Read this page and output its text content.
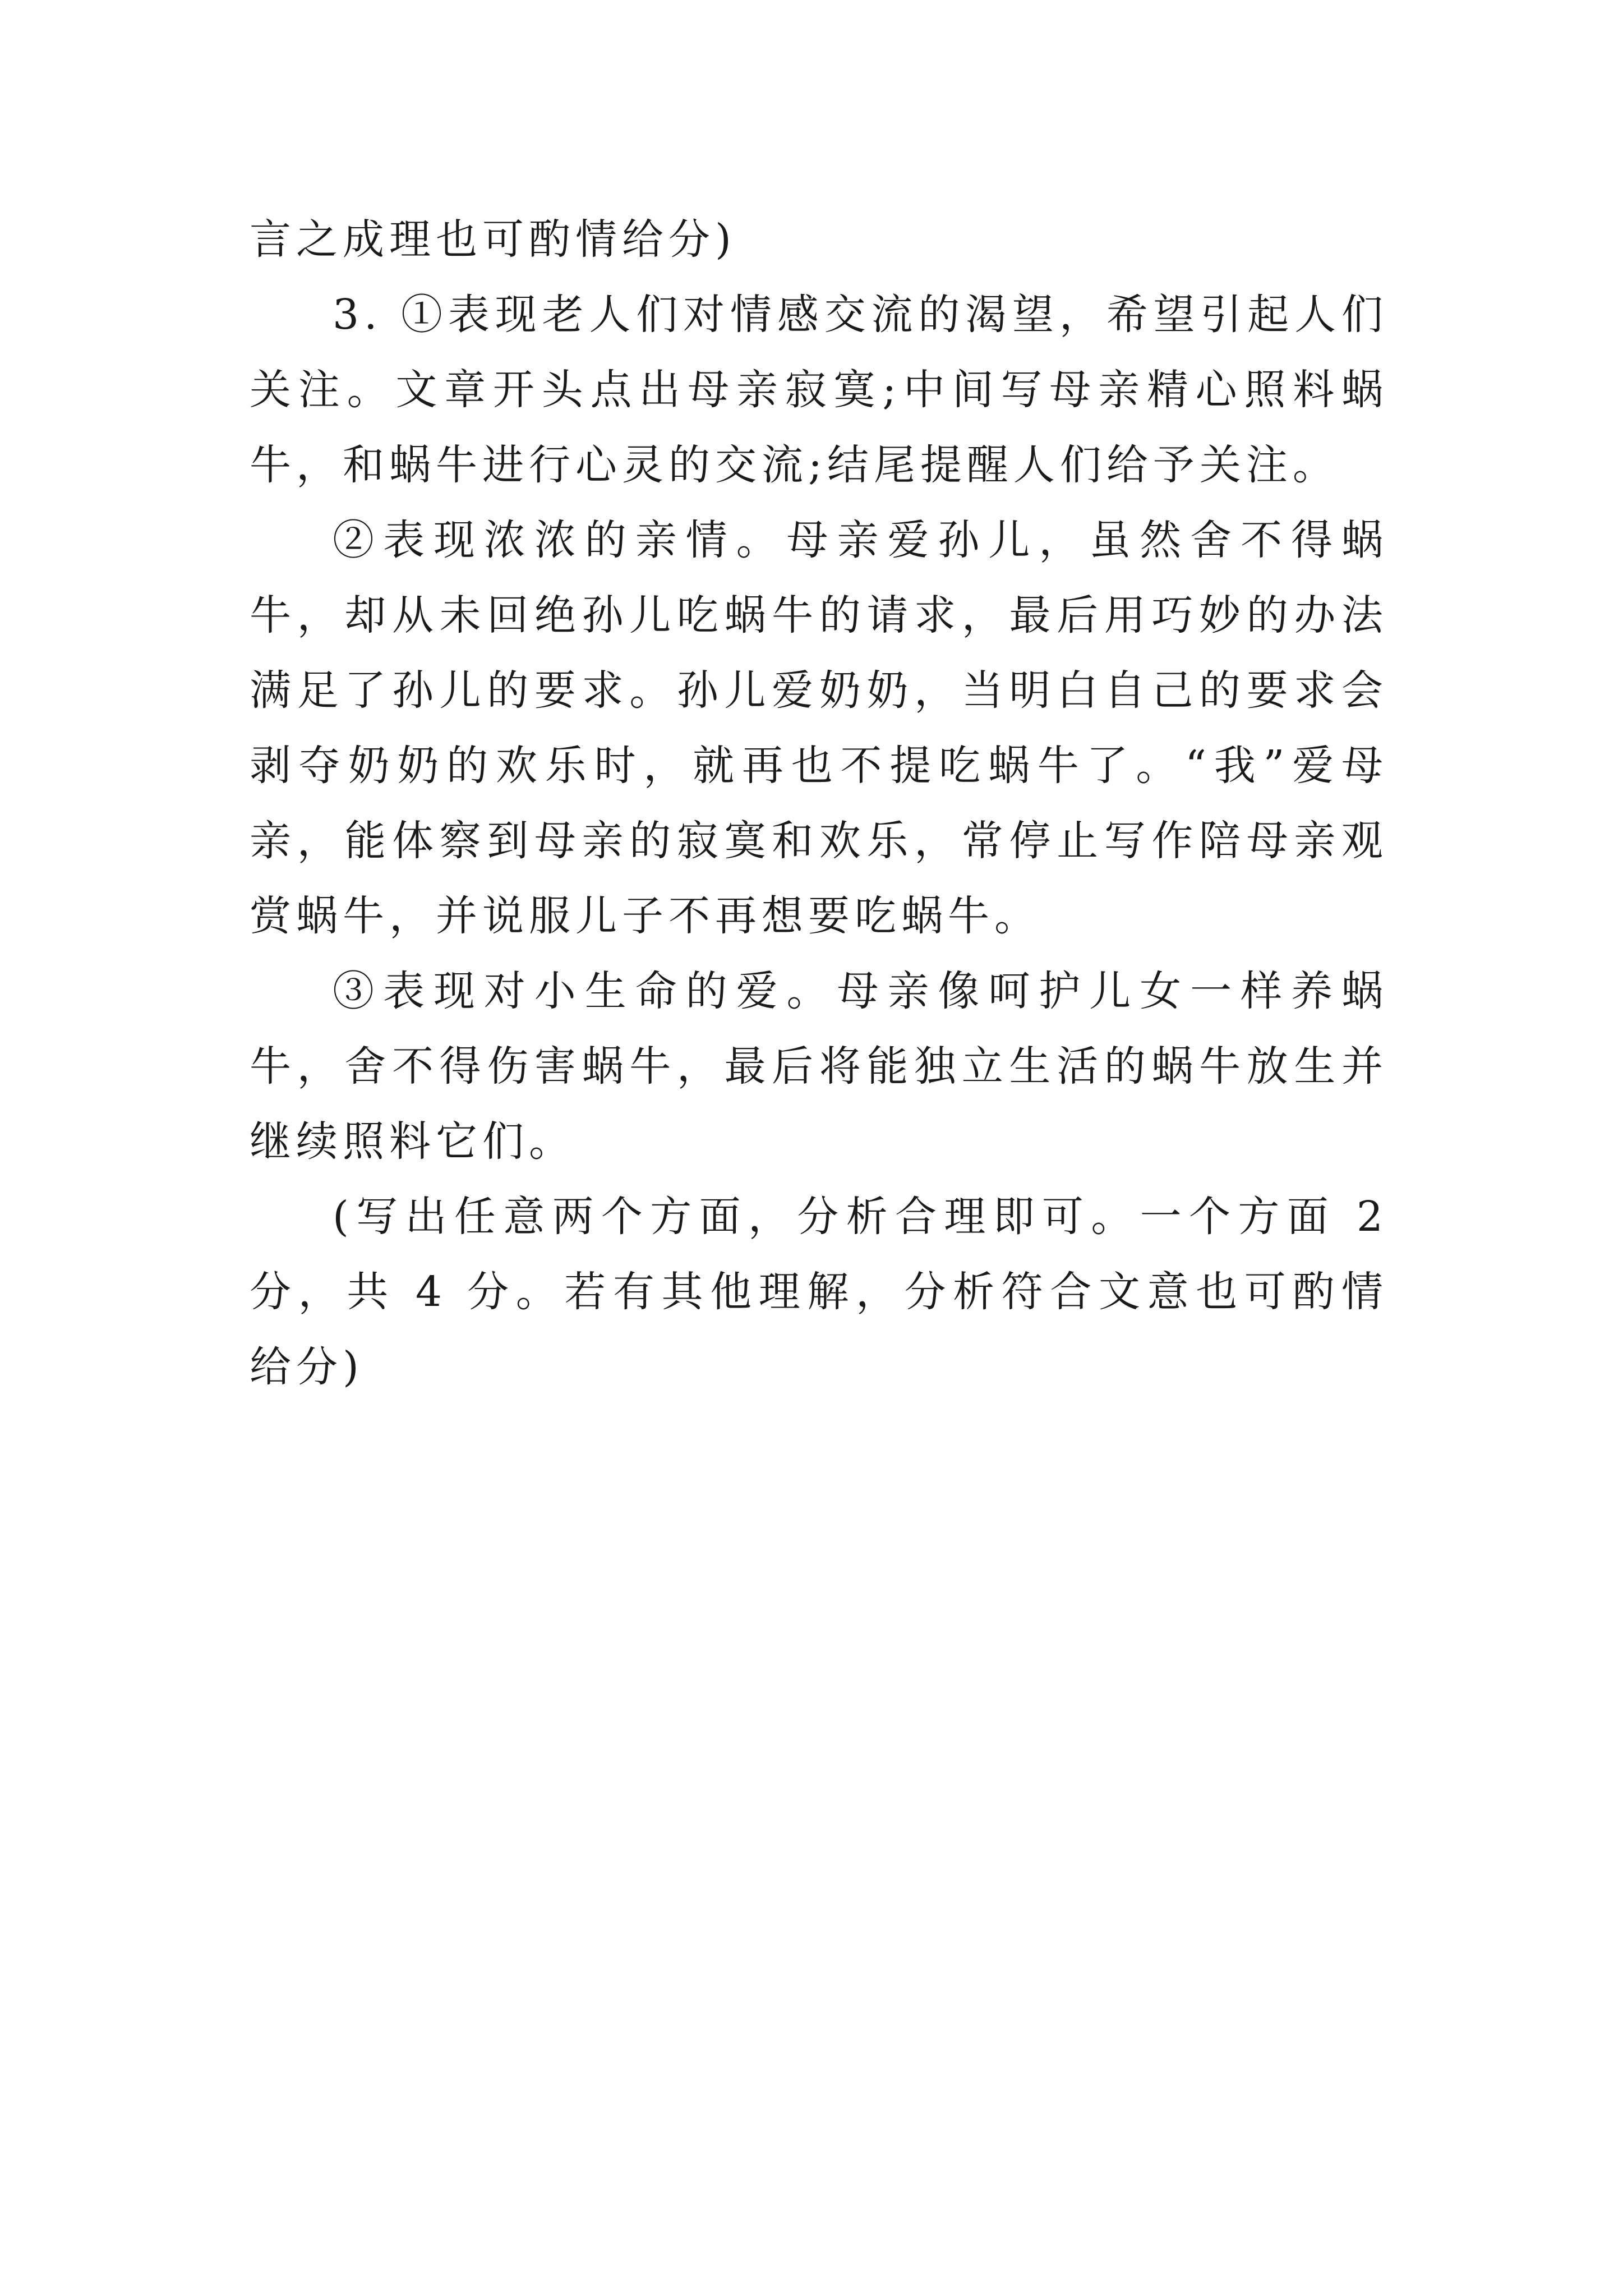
言之成理也可酌情给分)

3. ①表现老人们对情感交流的渴望，希望引起人们关注。文章开头点出母亲寂寞;中间写母亲精心照料蜗牛，和蜗牛进行心灵的交流;结尾提醒人们给予关注。

②表现浓浓的亲情。母亲爱孙儿，虽然舍不得蜗牛，却从未回绝孙儿吃蜗牛的请求，最后用巧妙的办法满足了孙儿的要求。孙儿爱奶奶，当明白自己的要求会剥夺奶奶的欢乐时，就再也不提吃蜗牛了。“我”爱母亲，能体察到母亲的寂寞和欢乐，常停止写作陪母亲观赏蜗牛，并说服儿子不再想要吃蜗牛。

③表现对小生命的爱。母亲像呵护儿女一样养蜗牛，舍不得伤害蜗牛，最后将能独立生活的蜗牛放生并继续照料它们。

(写出任意两个方面，分析合理即可。一个方面 2 分，共 4 分。若有其他理解，分析符合文意也可酌情给分)
